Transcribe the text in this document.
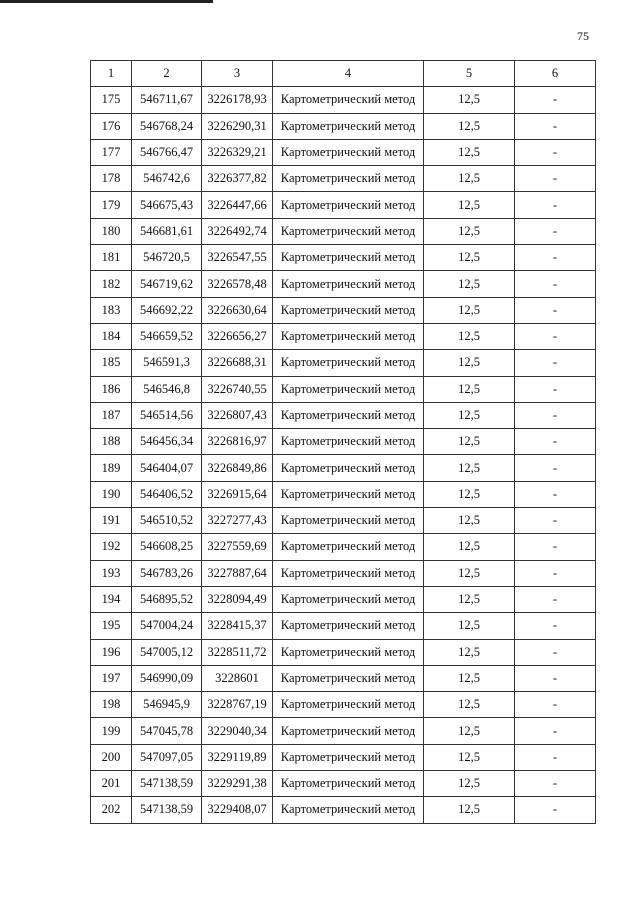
75
1	2	3	4	5	6
175	546711,67	3226178,93	Картометрический метод	12,5	-
176	546768,24	3226290,31	Картометрический метод	12,5	-
177	546766,47	3226329,21	Картометрический метод	12,5	-
178	546742,6	3226377,82	Картометрический метод	12,5	-
179	546675,43	3226447,66	Картометрический метод	12,5	-
180	546681,61	3226492,74	Картометрический метод	12,5	-
181	546720,5	3226547,55	Картометрический метод	12,5	-
182	546719,62	3226578,48	Картометрический метод	12,5	-
183	546692,22	3226630,64	Картометрический метод	12,5	-
184	546659,52	3226656,27	Картометрический метод	12,5	-
185	546591,3	3226688,31	Картометрический метод	12,5	-
186	546546,8	3226740,55	Картометрический метод	12,5	-
187	546514,56	3226807,43	Картометрический метод	12,5	-
188	546456,34	3226816,97	Картометрический метод	12,5	-
189	546404,07	3226849,86	Картометрический метод	12,5	-
190	546406,52	3226915,64	Картометрический метод	12,5	-
191	546510,52	3227277,43	Картометрический метод	12,5	-
192	546608,25	3227559,69	Картометрический метод	12,5	-
193	546783,26	3227887,64	Картометрический метод	12,5	-
194	546895,52	3228094,49	Картометрический метод	12,5	-
195	547004,24	3228415,37	Картометрический метод	12,5	-
196	547005,12	3228511,72	Картометрический метод	12,5	-
197	546990,09	3228601	Картометрический метод	12,5	-
198	546945,9	3228767,19	Картометрический метод	12,5	-
199	547045,78	3229040,34	Картометрический метод	12,5	-
200	547097,05	3229119,89	Картометрический метод	12,5	-
201	547138,59	3229291,38	Картометрический метод	12,5	-
202	547138,59	3229408,07	Картометрический метод	12,5	-
